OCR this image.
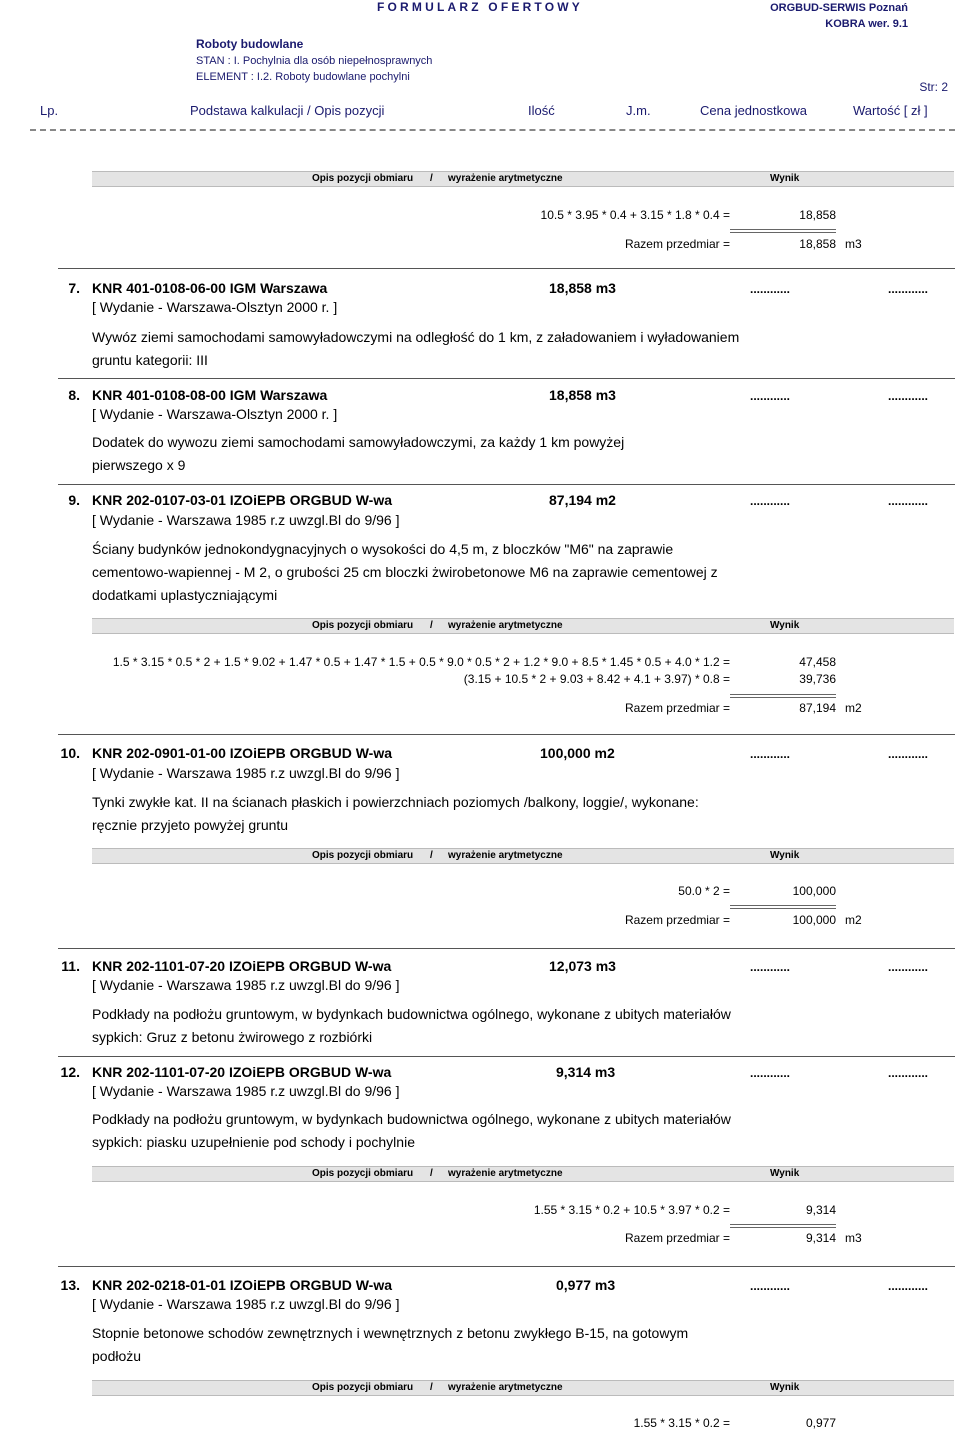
FORMULARZ OFERTOWY	ORGBUD-SERWIS Poznań
KOBRA wer. 9.1
Roboty budowlane
STAN : I. Pochylnia dla osób niepełnosprawnych
ELEMENT : I.2. Roboty budowlane pochylni
Str: 2
Lp.	Podstawa kalkulacji / Opis pozycji	Ilość	J.m.	Cena jednostkowa	Wartość [ zł ]
Opis pozycji obmiaru / wyrażenie arytmetyczne	Wynik
10.5 * 3.95 * 0.4 + 3.15 * 1.8 * 0.4 =	18,858
Razem przedmiar =	18,858 m3
7. KNR 401-0108-06-00 IGM Warszawa	18,858 m3	............	............
[ Wydanie - Warszawa-Olsztyn 2000 r. ]
Wywóz ziemi samochodami samowyładowczymi na odległość do 1 km, z załadowaniem i wyładowaniem
gruntu kategorii: III
8. KNR 401-0108-08-00 IGM Warszawa	18,858 m3	............	............
[ Wydanie - Warszawa-Olsztyn 2000 r. ]
Dodatek do wywozu ziemi samochodami samowyładowczymi, za każdy 1 km powyżej
pierwszego x 9
9. KNR 202-0107-03-01 IZOiEPB ORGBUD W-wa	87,194 m2	............	............
[ Wydanie - Warszawa 1985 r.z uwzgl.Bl do 9/96 ]
Ściany budynków jednokondygnacyjnych o wysokości do 4,5 m, z bloczków "M6" na zaprawie
cementowo-wapiennej - M 2, o grubości 25 cm bloczki żwirobetonowe M6 na zaprawie cementowej z
dodatkami uplastyczniającymi
Opis pozycji obmiaru / wyrażenie arytmetyczne	Wynik
1.5 * 3.15 * 0.5 * 2 + 1.5 * 9.02 + 1.47 * 0.5 + 1.47 * 1.5 + 0.5 * 9.0 * 0.5 * 2 + 1.2 * 9.0 + 8.5 * 1.45 * 0.5 + 4.0 * 1.2 =	47,458
(3.15 + 10.5 * 2 + 9.03 + 8.42 + 4.1 + 3.97) * 0.8 =	39,736
Razem przedmiar =	87,194 m2
10. KNR 202-0901-01-00 IZOiEPB ORGBUD W-wa	100,000 m2	............	............
[ Wydanie - Warszawa 1985 r.z uwzgl.Bl do 9/96 ]
Tynki zwykłe kat. II na ścianach płaskich i powierzchniach poziomych /balkony, loggie/, wykonane:
ręcznie przyjeto powyżej gruntu
Opis pozycji obmiaru / wyrażenie arytmetyczne	Wynik
50.0 * 2 =	100,000
Razem przedmiar =	100,000 m2
11. KNR 202-1101-07-20 IZOiEPB ORGBUD W-wa	12,073 m3	............	............
[ Wydanie - Warszawa 1985 r.z uwzgl.Bl do 9/96 ]
Podkłady na podłożu gruntowym, w bydynkach budownictwa ogólnego, wykonane z ubitych materiałów
sypkich: Gruz z betonu żwirowego z rozbiórki
12. KNR 202-1101-07-20 IZOiEPB ORGBUD W-wa	9,314 m3	............	............
[ Wydanie - Warszawa 1985 r.z uwzgl.Bl do 9/96 ]
Podkłady na podłożu gruntowym, w bydynkach budownictwa ogólnego, wykonane z ubitych materiałów
sypkich: piasku uzupełnienie pod schody i pochylnie
Opis pozycji obmiaru / wyrażenie arytmetyczne	Wynik
1.55 * 3.15 * 0.2 + 10.5 * 3.97 * 0.2 =	9,314
Razem przedmiar =	9,314 m3
13. KNR 202-0218-01-01 IZOiEPB ORGBUD W-wa	0,977 m3	............	............
[ Wydanie - Warszawa 1985 r.z uwzgl.Bl do 9/96 ]
Stopnie betonowe schodów zewnętrznych i wewnętrznych z betonu zwykłego B-15, na gotowym
podłożu
Opis pozycji obmiaru / wyrażenie arytmetyczne	Wynik
1.55 * 3.15 * 0.2 =	0,977
